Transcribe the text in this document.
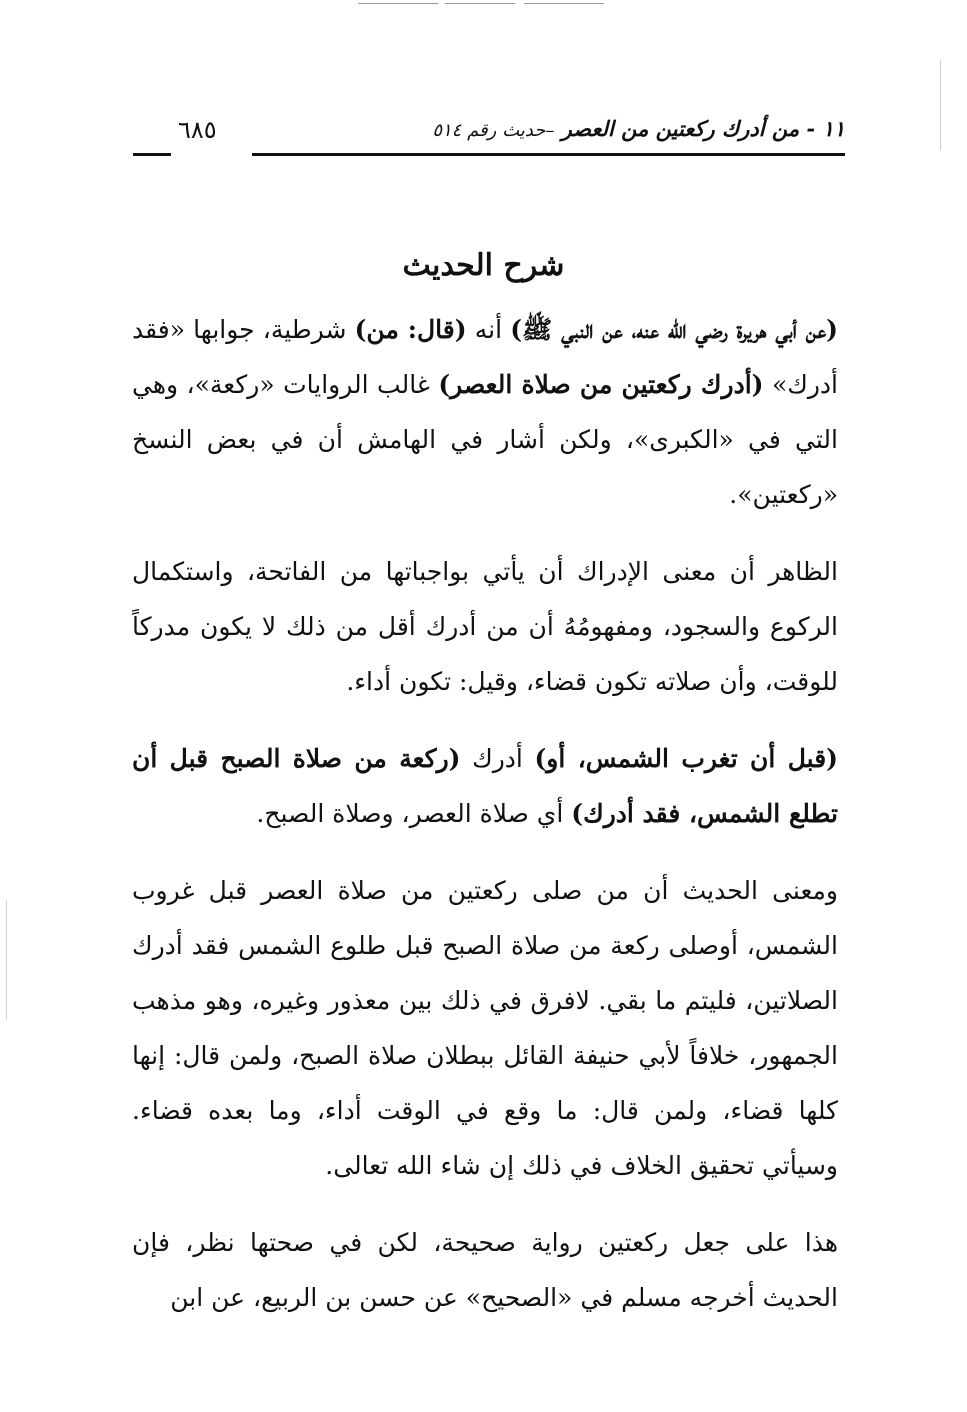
١١ - من أدرك ركعتين من العصر –حديث رقم ٥١٤
٦٨٥
شرح الحديث

(عن أبي هريرة رضي الله عنه، عن النبي ﷺ) أنه (قال: من) شرطية، جوابها «فقد أدرك» (أدرك ركعتين من صلاة العصر) غالب الروايات «ركعة»، وهي التي في «الكبرى»، ولكن أشار في الهامش أن في بعض النسخ «ركعتين».

الظاهر أن معنى الإدراك أن يأتي بواجباتها من الفاتحة، واستكمال الركوع والسجود، ومفهومُهُ أن من أدرك أقل من ذلك لا يكون مدركاً للوقت، وأن صلاته تكون قضاء، وقيل: تكون أداء.

(قبل أن تغرب الشمس، أو) أدرك (ركعة من صلاة الصبح قبل أن تطلع الشمس، فقد أدرك) أي صلاة العصر، وصلاة الصبح.

ومعنى الحديث أن من صلى ركعتين من صلاة العصر قبل غروب الشمس، أوصلى ركعة من صلاة الصبح قبل طلوع الشمس فقد أدرك الصلاتين، فليتم ما بقي. لافرق في ذلك بين معذور وغيره، وهو مذهب الجمهور، خلافاً لأبي حنيفة القائل ببطلان صلاة الصبح، ولمن قال: إنها كلها قضاء، ولمن قال: ما وقع في الوقت أداء، وما بعده قضاء. وسيأتي تحقيق الخلاف في ذلك إن شاء الله تعالى.

هذا على جعل ركعتين رواية صحيحة، لكن في صحتها نظر، فإن الحديث أخرجه مسلم في «الصحيح» عن حسن بن الربيع، عن ابن
